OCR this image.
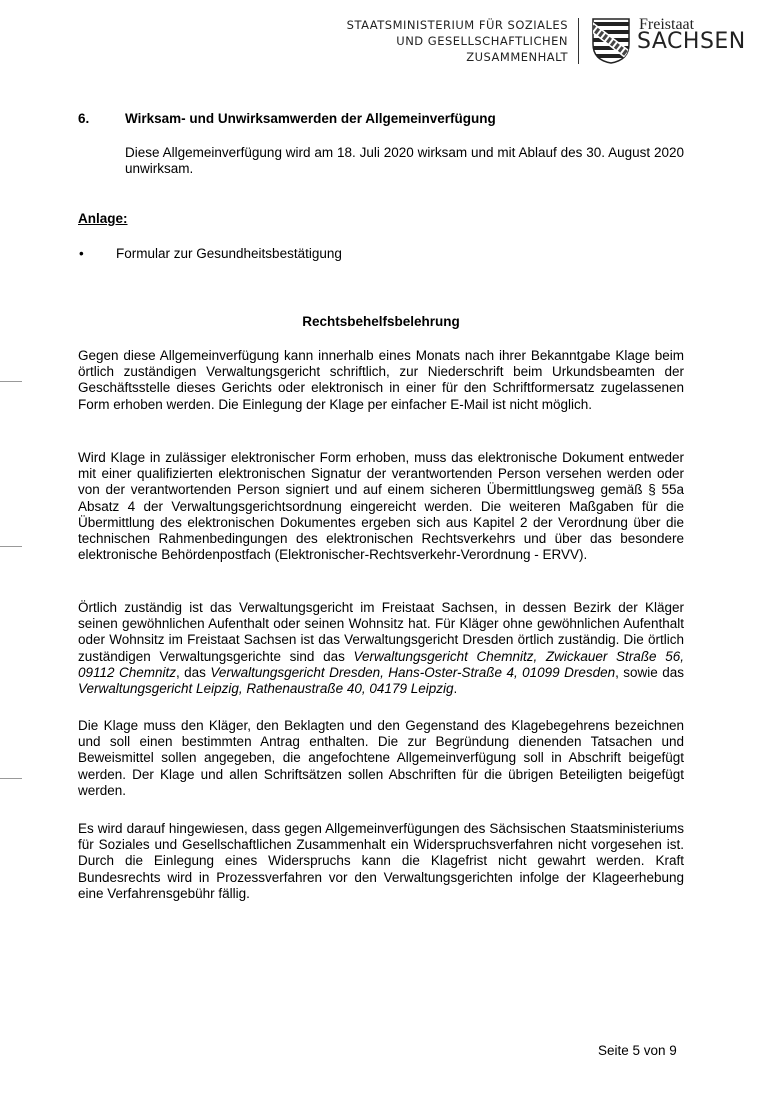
STAATSMINISTERIUM FÜR SOZIALES
UND GESELLSCHAFTLICHEN
ZUSAMMENHALT
Freistaat
SACHSEN
6.	Wirksam- und Unwirksamwerden der Allgemeinverfügung
Diese Allgemeinverfügung wird am 18. Juli 2020 wirksam und mit Ablauf des 30. August 2020 unwirksam.
Anlage:
• Formular zur Gesundheitsbestätigung
Rechtsbehelfsbelehrung
Gegen diese Allgemeinverfügung kann innerhalb eines Monats nach ihrer Bekanntgabe Klage beim örtlich zuständigen Verwaltungsgericht schriftlich, zur Niederschrift beim Urkundsbeamten der Geschäftsstelle dieses Gerichts oder elektronisch in einer für den Schriftformersatz zugelassenen Form erhoben werden. Die Einlegung der Klage per einfacher E-Mail ist nicht möglich.
Wird Klage in zulässiger elektronischer Form erhoben, muss das elektronische Dokument entweder mit einer qualifizierten elektronischen Signatur der verantwortenden Person versehen werden oder von der verantwortenden Person signiert und auf einem sicheren Übermittlungsweg gemäß § 55a Absatz 4 der Verwaltungsgerichtsordnung eingereicht werden. Die weiteren Maßgaben für die Übermittlung des elektronischen Dokumentes ergeben sich aus Kapitel 2 der Verordnung über die technischen Rahmenbedingungen des elektronischen Rechtsverkehrs und über das besondere elektronische Behördenpostfach (Elektronischer-Rechtsverkehr-Verordnung - ERVV).
Örtlich zuständig ist das Verwaltungsgericht im Freistaat Sachsen, in dessen Bezirk der Kläger seinen gewöhnlichen Aufenthalt oder seinen Wohnsitz hat. Für Kläger ohne gewöhnlichen Aufenthalt oder Wohnsitz im Freistaat Sachsen ist das Verwaltungsgericht Dresden örtlich zuständig. Die örtlich zuständigen Verwaltungsgerichte sind das Verwaltungsgericht Chemnitz, Zwickauer Straße 56, 09112 Chemnitz, das Verwaltungsgericht Dresden, Hans-Oster-Straße 4, 01099 Dresden, sowie das Verwaltungsgericht Leipzig, Rathenaustraße 40, 04179 Leipzig.
Die Klage muss den Kläger, den Beklagten und den Gegenstand des Klagebegehrens bezeichnen und soll einen bestimmten Antrag enthalten. Die zur Begründung dienenden Tatsachen und Beweismittel sollen angegeben, die angefochtene Allgemeinverfügung soll in Abschrift beigefügt werden. Der Klage und allen Schriftsätzen sollen Abschriften für die übrigen Beteiligten beigefügt werden.
Es wird darauf hingewiesen, dass gegen Allgemeinverfügungen des Sächsischen Staatsministeriums für Soziales und Gesellschaftlichen Zusammenhalt ein Widerspruchsverfahren nicht vorgesehen ist. Durch die Einlegung eines Widerspruchs kann die Klagefrist nicht gewahrt werden. Kraft Bundesrechts wird in Prozessverfahren vor den Verwaltungsgerichten infolge der Klageerhebung eine Verfahrensgebühr fällig.
Seite 5 von 9
